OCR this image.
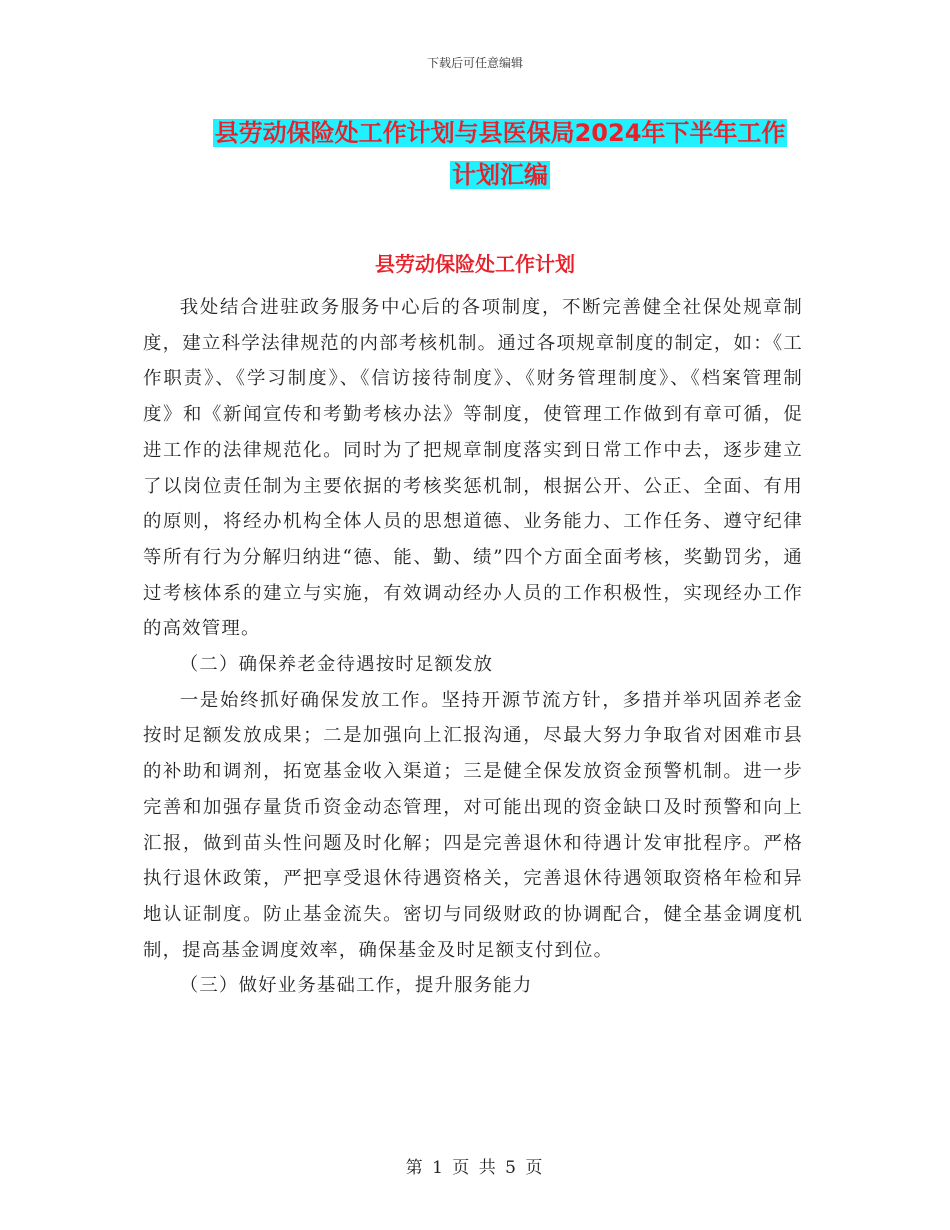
下载后可任意编辑
县劳动保险处工作计划与县医保局2024年下半年工作
计划汇编
县劳动保险处工作计划

我处结合进驻政务服务中心后的各项制度，不断完善健全社保处规章制度，建立科学法律规范的内部考核机制。通过各项规章制度的制定，如：《工作职责》、《学习制度》、《信访接待制度》、《财务管理制度》、《档案管理制度》和《新闻宣传和考勤考核办法》等制度，使管理工作做到有章可循，促进工作的法律规范化。同时为了把规章制度落实到日常工作中去，逐步建立了以岗位责任制为主要依据的考核奖惩机制，根据公开、公正、全面、有用的原则，将经办机构全体人员的思想道德、业务能力、工作任务、遵守纪律等所有行为分解归纳进“德、能、勤、绩”四个方面全面考核，奖勤罚劣，通过考核体系的建立与实施，有效调动经办人员的工作积极性，实现经办工作的高效管理。

（二）确保养老金待遇按时足额发放

一是始终抓好确保发放工作。坚持开源节流方针，多措并举巩固养老金按时足额发放成果；二是加强向上汇报沟通，尽最大努力争取省对困难市县的补助和调剂，拓宽基金收入渠道；三是健全保发放资金预警机制。进一步完善和加强存量货币资金动态管理，对可能出现的资金缺口及时预警和向上汇报，做到苗头性问题及时化解；四是完善退休和待遇计发审批程序。严格执行退休政策，严把享受退休待遇资格关，完善退休待遇领取资格年检和异地认证制度。防止基金流失。密切与同级财政的协调配合，健全基金调度机制，提高基金调度效率，确保基金及时足额支付到位。

（三）做好业务基础工作，提升服务能力

第 1 页 共 5 页
